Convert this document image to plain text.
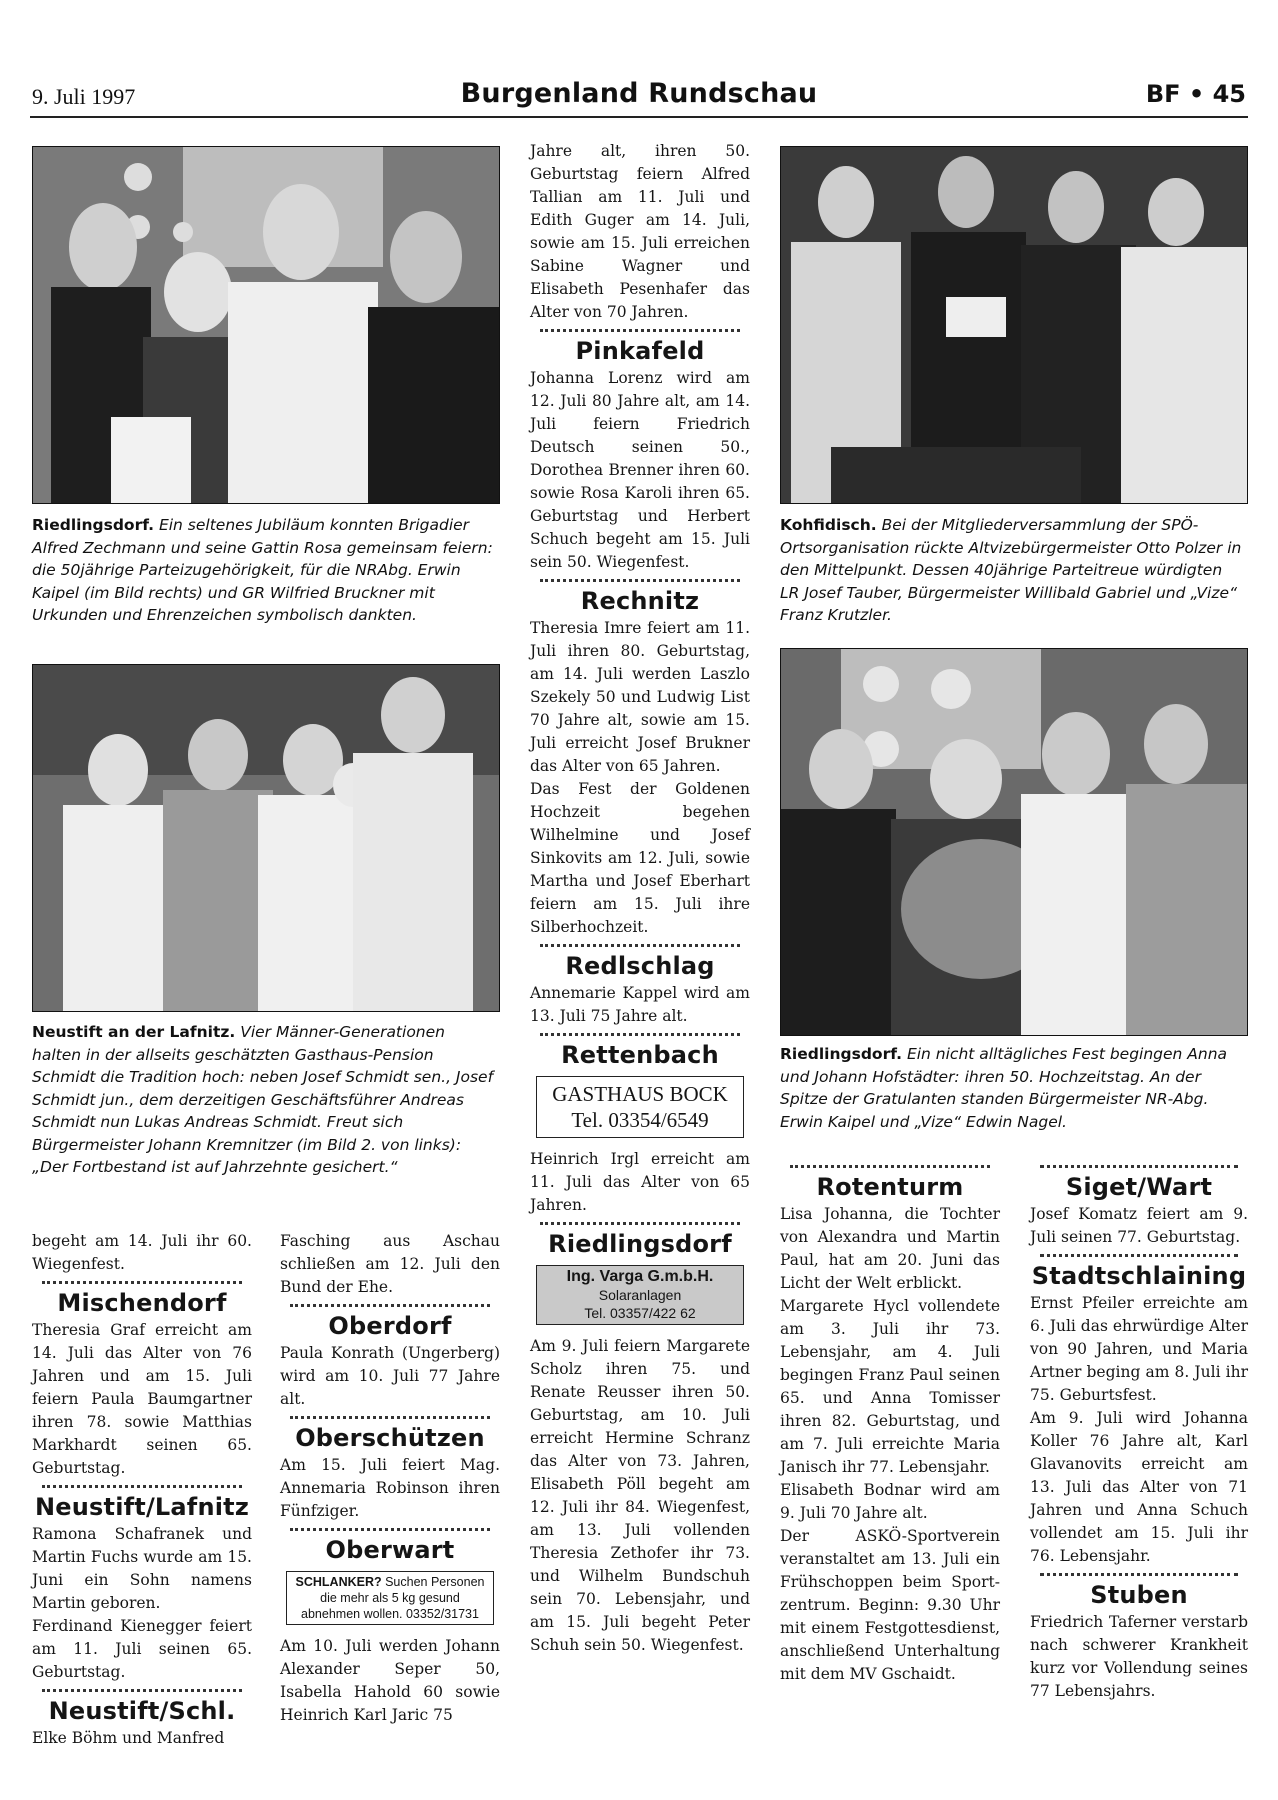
9. Juli 1997	Burgenland Rundschau	BF • 45
Riedlingsdorf. Ein seltenes Jubiläum konnten Brigadier Alfred Zechmann und seine Gattin Rosa gemeinsam feiern: die 50jährige Parteizugehörigkeit, für die NRAbg. Erwin Kaipel (im Bild rechts) und GR Wilfried Bruckner mit Urkunden und Ehrenzeichen symbolisch dankten.
Neustift an der Lafnitz. Vier Männer-Generationen halten in der allseits geschätzten Gasthaus-Pension Schmidt die Tradition hoch: neben Josef Schmidt sen., Josef Schmidt jun., dem derzeitigen Geschäftsführer Andreas Schmidt nun Lukas Andreas Schmidt. Freut sich Bürgermeister Johann Kremnitzer (im Bild 2. von links): „Der Fortbestand ist auf Jahrzehnte gesichert.“
Kohfidisch. Bei der Mitgliederversammlung der SPÖ-Ortsorganisation rückte Altvizebürgermeister Otto Polzer in den Mittelpunkt. Dessen 40jährige Parteitreue würdigten LR Josef Tauber, Bürgermeister Willibald Gabriel und „Vize“ Franz Krutzler.
Riedlingsdorf. Ein nicht alltägliches Fest begingen Anna und Johann Hofstädter: ihren 50. Hochzeitstag. An der Spitze der Gratulanten standen Bürgermeister NR-Abg. Erwin Kaipel und „Vize“ Edwin Nagel.

begeht am 14. Juli ihr 60. Wiegenfest.

Mischendorf

Theresia Graf erreicht am 14. Juli das Alter von 76 Jahren und am 15. Juli feiern Paula Baumgartner ihren 78. sowie Matthias Markhardt seinen 65. Geburtstag.

Neustift/Lafnitz

Ramona Schafranek und Martin Fuchs wurde am 15. Juni ein Sohn namens Martin geboren.

Ferdinand Kienegger feiert am 11. Juli seinen 65. Geburtstag.

Neustift/Schl.

Elke Böhm und Manfred

Fasching aus Aschau schließen am 12. Juli den Bund der Ehe.

Oberdorf

Paula Konrath (Ungerberg) wird am 10. Juli 77 Jahre alt.

Oberschützen

Am 15. Juli feiert Mag. Annemaria Robinson ihren Fünfziger.

Oberwart
SCHLANKER? Suchen Personen die mehr als 5 kg gesund abnehmen wollen. 03352/31731

Am 10. Juli werden Johann Alexander Seper 50, Isabella Hahold 60 sowie Heinrich Karl Jaric 75

Jahre alt, ihren 50. Geburtstag feiern Alfred Tallian am 11. Juli und Edith Guger am 14. Juli, sowie am 15. Juli erreichen Sabine Wagner und Elisabeth Pesenhafer das Alter von 70 Jahren.

Pinkafeld

Johanna Lorenz wird am 12. Juli 80 Jahre alt, am 14. Juli feiern Friedrich Deutsch seinen 50., Dorothea Brenner ihren 60. sowie Rosa Karoli ihren 65. Geburtstag und Herbert Schuch begeht am 15. Juli sein 50. Wiegenfest.

Rechnitz

Theresia Imre feiert am 11. Juli ihren 80. Geburtstag, am 14. Juli werden Laszlo Szekely 50 und Ludwig List 70 Jahre alt, sowie am 15. Juli erreicht Josef Brukner das Alter von 65 Jahren.

Das Fest der Goldenen Hochzeit begehen Wilhelmine und Josef Sinkovits am 12. Juli, sowie Martha und Josef Eberhart feiern am 15. Juli ihre Silberhochzeit.

Redlschlag

Annemarie Kappel wird am 13. Juli 75 Jahre alt.

Rettenbach
GASTHAUS BOCK
Tel. 03354/6549

Heinrich Irgl erreicht am 11. Juli das Alter von 65 Jahren.

Riedlingsdorf
Ing. Varga G.m.b.H.
Solaranlagen
Tel. 03357/422 62

Am 9. Juli feiern Margarete Scholz ihren 75. und Renate Reusser ihren 50. Geburtstag, am 10. Juli erreicht Hermine Schranz das Alter von 73. Jahren, Elisabeth Pöll begeht am 12. Juli ihr 84. Wiegenfest, am 13. Juli vollenden Theresia Zethofer ihr 73. und Wilhelm Bundschuh sein 70. Lebensjahr, und am 15. Juli begeht Peter Schuh sein 50. Wiegenfest.

Rotenturm

Lisa Johanna, die Tochter von Alexandra und Martin Paul, hat am 20. Juni das Licht der Welt erblickt.

Margarete Hycl vollendete am 3. Juli ihr 73. Lebensjahr, am 4. Juli begingen Franz Paul seinen 65. und Anna Tomisser ihren 82. Geburtstag, und am 7. Juli erreichte Maria Janisch ihr 77. Lebensjahr.

Elisabeth Bodnar wird am 9. Juli 70 Jahre alt.

Der ASKÖ-Sportverein veranstaltet am 13. Juli ein Frühschoppen beim Sport-zentrum. Beginn: 9.30 Uhr mit einem Festgottesdienst, anschließend Unterhaltung mit dem MV Gschaidt.

Siget/Wart

Josef Komatz feiert am 9. Juli seinen 77. Geburtstag.

Stadtschlaining

Ernst Pfeiler erreichte am 6. Juli das ehrwürdige Alter von 90 Jahren, und Maria Artner beging am 8. Juli ihr 75. Geburtsfest.

Am 9. Juli wird Johanna Koller 76 Jahre alt, Karl Glavanovits erreicht am 13. Juli das Alter von 71 Jahren und Anna Schuch vollendet am 15. Juli ihr 76. Lebensjahr.

Stuben

Friedrich Taferner verstarb nach schwerer Krankheit kurz vor Vollendung seines 77 Lebensjahrs.
